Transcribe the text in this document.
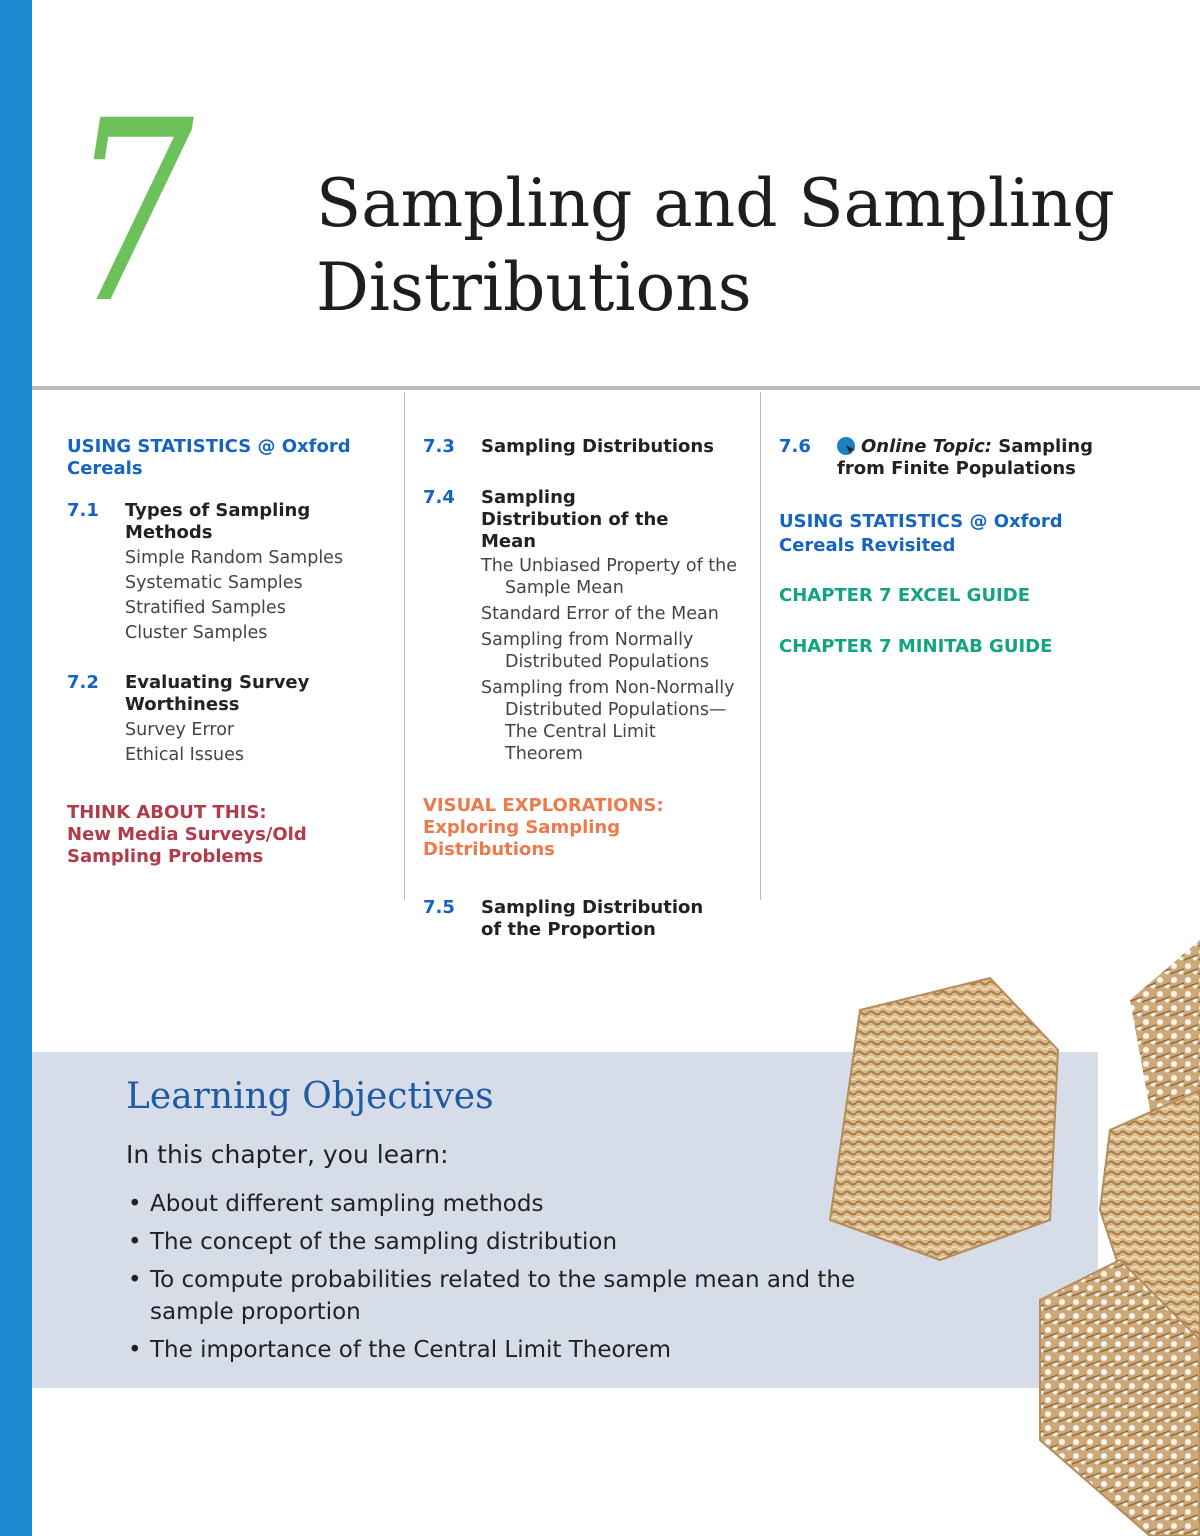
7 Sampling and Sampling
Distributions
USING STATISTICS @ Oxford Cereals
7.1	Types of Sampling Methods
Simple Random Samples
Systematic Samples
Stratified Samples
Cluster Samples
7.2	Evaluating Survey Worthiness
Survey Error
Ethical Issues
THINK ABOUT THIS:
New Media Surveys/Old Sampling Problems
7.3	Sampling Distributions
7.4	Sampling Distribution of the Mean
The Unbiased Property of the Sample Mean
Standard Error of the Mean
Sampling from Normally Distributed Populations
Sampling from Non-Normally Distributed Populations— The Central Limit Theorem
VISUAL EXPLORATIONS:
Exploring Sampling Distributions
7.5	Sampling Distribution of the Proportion
7.6	Online Topic: Sampling from Finite Populations
USING STATISTICS @ Oxford Cereals Revisited
CHAPTER 7 EXCEL GUIDE
CHAPTER 7 MINITAB GUIDE
Learning Objectives
In this chapter, you learn:
• About different sampling methods
• The concept of the sampling distribution
• To compute probabilities related to the sample mean and the sample proportion
• The importance of the Central Limit Theorem
